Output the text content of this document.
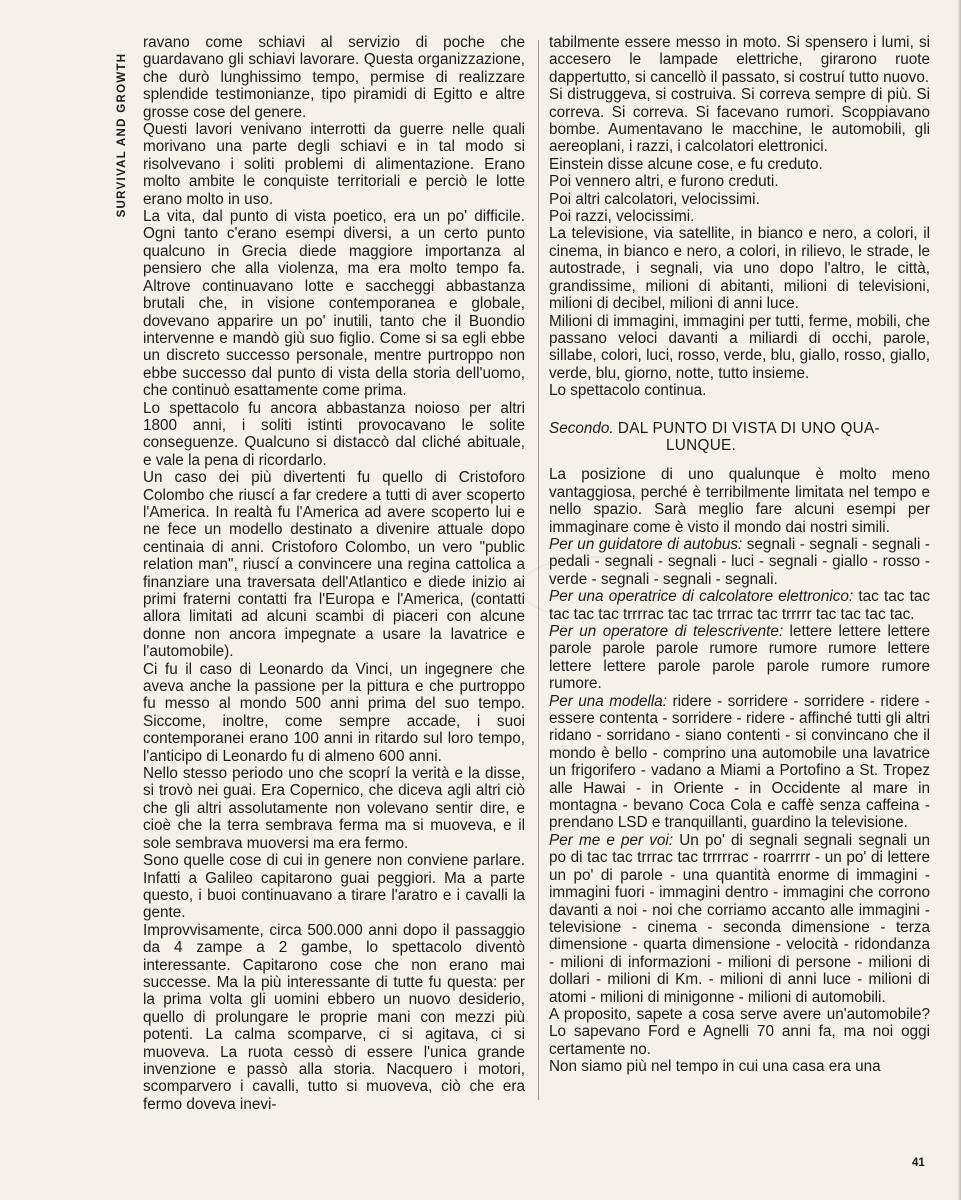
SURVIVAL AND GROWTH

ravano come schiavi al servizio di poche che guardavano gli schiavi lavorare. Questa organizzazione, che durò lunghissimo tempo, permise di realizzare splendide testimonianze, tipo piramidi di Egitto e altre grosse cose del genere.

Questi lavori venivano interrotti da guerre nelle quali morivano una parte degli schiavi e in tal modo si risolvevano i soliti problemi di alimentazione. Erano molto ambite le conquiste territoriali e perciò le lotte erano molto in uso.

La vita, dal punto di vista poetico, era un po' difficile. Ogni tanto c'erano esempi diversi, a un certo punto qualcuno in Grecia diede maggiore importanza al pensiero che alla violenza, ma era molto tempo fa. Altrove continuavano lotte e saccheggi abbastanza brutali che, in visione contemporanea e globale, dovevano apparire un po' inutili, tanto che il Buondio intervenne e mandò giù suo figlio. Come si sa egli ebbe un discreto successo personale, mentre purtroppo non ebbe successo dal punto di vista della storia dell'uomo, che continuò esattamente come prima.

Lo spettacolo fu ancora abbastanza noioso per altri 1800 anni, i soliti istinti provocavano le solite conseguenze. Qualcuno si distaccò dal cliché abituale, e vale la pena di ricordarlo.

Un caso dei più divertenti fu quello di Cristoforo Colombo che riuscí a far credere a tutti di aver scoperto l'America. In realtà fu l'America ad avere scoperto lui e ne fece un modello destinato a divenire attuale dopo centinaia di anni. Cristoforo Colombo, un vero "public relation man", riuscí a convincere una regina cattolica a finanziare una traversata dell'Atlantico e diede inizio ai primi fraterni contatti fra l'Europa e l'America, (contatti allora limitati ad alcuni scambi di piaceri con alcune donne non ancora impegnate a usare la lavatrice e l'automobile).

Ci fu il caso di Leonardo da Vinci, un ingegnere che aveva anche la passione per la pittura e che purtroppo fu messo al mondo 500 anni prima del suo tempo. Siccome, inoltre, come sempre accade, i suoi contemporanei erano 100 anni in ritardo sul loro tempo, l'anticipo di Leonardo fu di almeno 600 anni.

Nello stesso periodo uno che scoprí la verità e la disse, si trovò nei guai. Era Copernico, che diceva agli altri ciò che gli altri assolutamente non volevano sentir dire, e cioè che la terra sembrava ferma ma si muoveva, e il sole sembrava muoversi ma era fermo.

Sono quelle cose di cui in genere non conviene parlare. Infatti a Galileo capitarono guai peggiori. Ma a parte questo, i buoi continuavano a tirare l'aratro e i cavalli la gente.

Improvvisamente, circa 500.000 anni dopo il passaggio da 4 zampe a 2 gambe, lo spettacolo diventò interessante. Capitarono cose che non erano mai successe. Ma la più interessante di tutte fu questa: per la prima volta gli uomini ebbero un nuovo desiderio, quello di prolungare le proprie mani con mezzi più potenti. La calma scomparve, ci si agitava, ci si muoveva. La ruota cessò di essere l'unica grande invenzione e passò alla storia. Nacquero i motori, scomparvero i cavalli, tutto si muoveva, ciò che era fermo doveva inevi-

tabilmente essere messo in moto. Si spensero i lumi, si accesero le lampade elettriche, girarono ruote dappertutto, si cancellò il passato, si costruí tutto nuovo.

Si distruggeva, si costruiva. Si correva sempre di più. Si correva. Si correva. Si facevano rumori. Scoppiavano bombe. Aumentavano le macchine, le automobili, gli aereoplani, i razzi, i calcolatori elettronici.

Einstein disse alcune cose, e fu creduto.

Poi vennero altri, e furono creduti.

Poi altri calcolatori, velocissimi.

Poi razzi, velocissimi.

La televisione, via satellite, in bianco e nero, a colori, il cinema, in bianco e nero, a colori, in rilievo, le strade, le autostrade, i segnali, via uno dopo l'altro, le città, grandissime, milioni di abitanti, milioni di televisioni, milioni di decibel, milioni di anni luce.

Milioni di immagini, immagini per tutti, ferme, mobili, che passano veloci davanti a miliardi di occhi, parole, sillabe, colori, luci, rosso, verde, blu, giallo, rosso, giallo, verde, blu, giorno, notte, tutto insieme.

Lo spettacolo continua.

Secondo. DAL PUNTO DI VISTA DI UNO QUA-
LUNQUE.

La posizione di uno qualunque è molto meno vantaggiosa, perché è terribilmente limitata nel tempo e nello spazio. Sarà meglio fare alcuni esempi per immaginare come è visto il mondo dai nostri simili.

Per un guidatore di autobus: segnali - segnali - segnali - pedali - segnali - segnali - luci - segnali - giallo - rosso - verde - segnali - segnali - segnali.

Per una operatrice di calcolatore elettronico: tac tac tac tac tac tac trrrrac tac tac trrrac tac trrrrr tac tac tac tac.

Per un operatore di telescrivente: lettere lettere lettere parole parole parole rumore rumore rumore lettere lettere lettere parole parole parole rumore rumore rumore.

Per una modella: ridere - sorridere - sorridere - ridere - essere contenta - sorridere - ridere - affinché tutti gli altri ridano - sorridano - siano contenti - si convincano che il mondo è bello - comprino una automobile una lavatrice un frigorifero - vadano a Miami a Portofino a St. Tropez alle Hawai - in Oriente - in Occidente al mare in montagna - bevano Coca Cola e caffè senza caffeina - prendano LSD e tranquillanti, guardino la televisione.

Per me e per voi: Un po' di segnali segnali segnali un po di tac tac trrrac tac trrrrrac - roarrrrr - un po' di lettere un po' di parole - una quantità enorme di immagini - immagini fuori - immagini dentro - immagini che corrono davanti a noi - noi che corriamo accanto alle immagini - televisione - cinema - seconda dimensione - terza dimensione - quarta dimensione - velocità - ridondanza - milioni di informazioni - milioni di persone - milioni di dollari - milioni di Km. - milioni di anni luce - milioni di atomi - milioni di minigonne - milioni di automobili.

A proposito, sapete a cosa serve avere un'automobile? Lo sapevano Ford e Agnelli 70 anni fa, ma noi oggi certamente no.

Non siamo più nel tempo in cui una casa era una

41
